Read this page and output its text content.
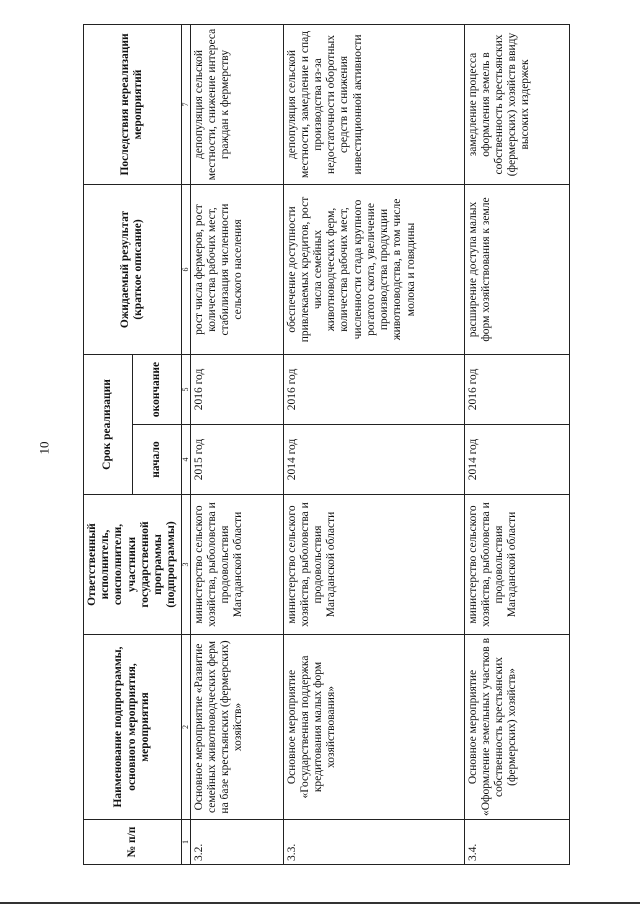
10
№ п/п	Наименование подпрограммы, основного мероприятия, мероприятия	Ответственный исполнитель, соисполнители, участники государственной программы (подпрограммы)	Срок реализации		Ожидаемый результат (краткое описание)	Последствия нереализации мероприятий
			начало	окончание		
1	2	3	4	5	6	7
3.2.	Основное мероприятие «Развитие семейных животноводческих ферм на базе крестьянских (фермерских) хозяйств»	министерство сельского хозяйства, рыболовства и продовольствия Магаданской области	2015 год	2016 год	рост числа фермеров, рост количества рабочих мест, стабилизация численности сельского населения	депопуляция сельской местности, снижение интереса граждан к фермерству
3.3.	Основное мероприятие «Государственная поддержка кредитования малых форм хозяйствования»	министерство сельского хозяйства, рыболовства и продовольствия Магаданской области	2014 год	2016 год	обеспечение доступности привлекаемых кредитов, рост числа семейных животноводческих ферм, количества рабочих мест, численности стада крупного рогатого скота, увеличение производства продукции животноводства, в том числе молока и говядины	депопуляция сельской местности, замедление и спад производства из-за недостаточности оборотных средств и снижения инвестиционной активности
3.4.	Основное мероприятие «Оформление земельных участков в собственность крестьянских (фермерских) хозяйств»	министерство сельского хозяйства, рыболовства и продовольствия Магаданской области	2014 год	2016 год	расширение доступа малых форм хозяйствования к земле	замедление процесса оформления земель в собственность крестьянских (фермерских) хозяйств ввиду высоких издержек
